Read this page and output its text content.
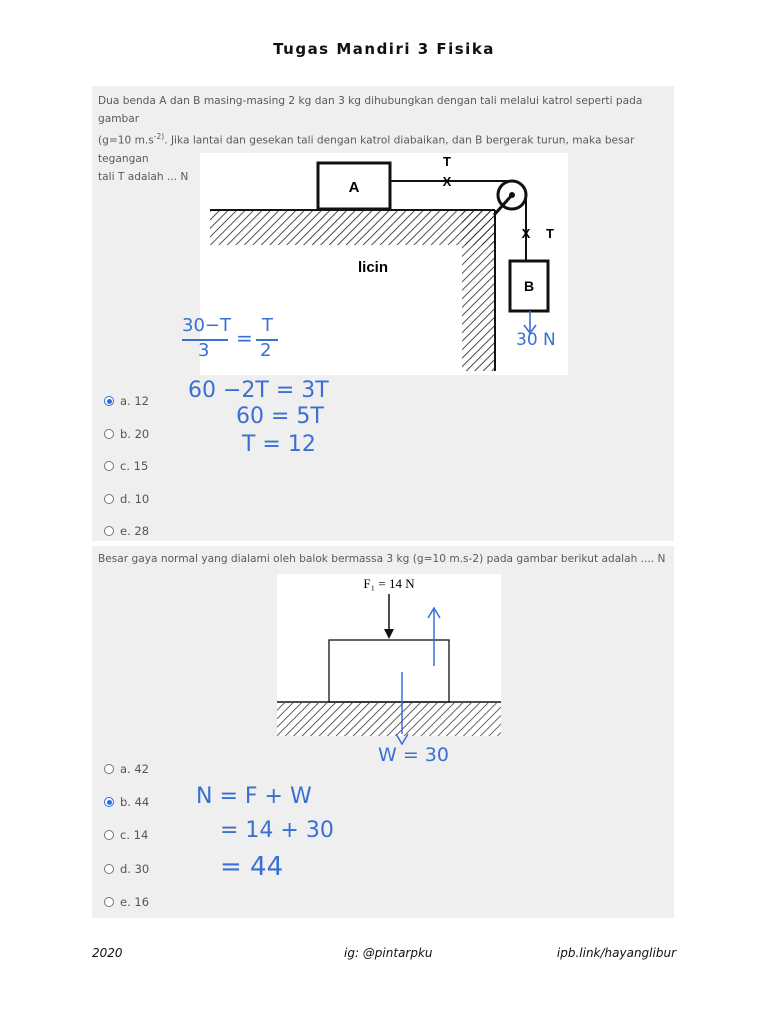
Tugas Mandiri 3 Fisika
Dua benda A dan B masing-masing 2 kg dan 3 kg dihubungkan dengan tali melalui katrol seperti pada gambar
(g=10 $m.s^{-2)}$. Jika lantai dan gesekan tali dengan katrol diabaikan, dan B bergerak turun, maka besar tegangan
tali T adalah ... N
A
B
T
X
X T
licin
30 N
30−T
3
=
T
2
60 −2T = 3T
60 = 5T
T = 12
a. 12
b. 20
c. 15
d. 10
e. 28
Besar gaya normal yang dialami oleh balok bermassa 3 kg (g=10 m.s-2) pada gambar berikut adalah .... N
F₁ = 14 N
W = 30
N = F + W
= 14 + 30
= 44
a. 42
b. 44
c. 14
d. 30
e. 16
2020	ig: @pintarpku	ipb.link/hayanglibur
